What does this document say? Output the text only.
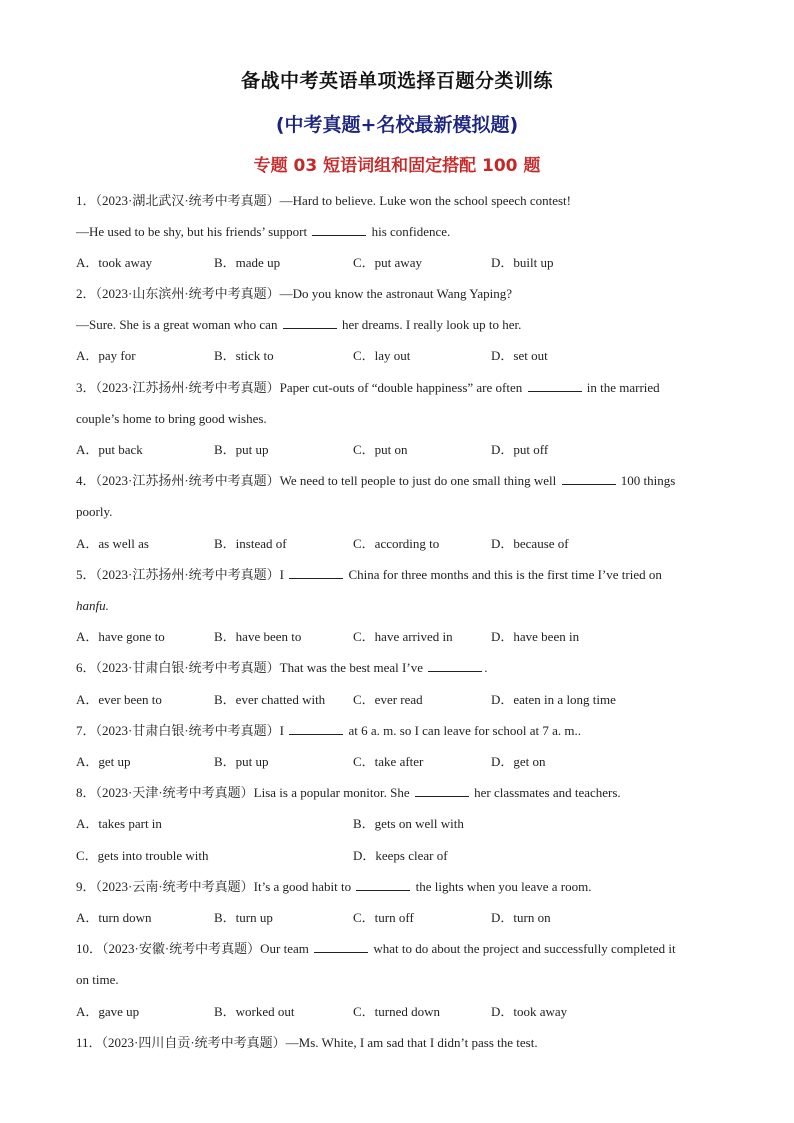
备战中考英语单项选择百题分类训练
(中考真题+名校最新模拟题)
专题 03 短语词组和固定搭配 100 题
1．（2023·湖北武汉·统考中考真题）—Hard to believe. Luke won the school speech contest!
—He used to be shy, but his friends’ support	his confidence.
A．took away	B．made up	C．put away	D．built up
2．（2023·山东滨州·统考中考真题）—Do you know the astronaut Wang Yaping?
—Sure. She is a great woman who can	her dreams. I really look up to her.
A．pay for	B．stick to	C．lay out	D．set out
3．（2023·江苏扬州·统考中考真题）Paper cut-outs of “double happiness” are often	in the married
couple’s home to bring good wishes.
A．put back	B．put up	C．put on	D．put off
4．（2023·江苏扬州·统考中考真题）We need to tell people to just do one small thing well	100 things
poorly.
A．as well as	B．instead of	C．according to	D．because of
5．（2023·江苏扬州·统考中考真题）I	China for three months and this is the first time I’ve tried on
hanfu.
A．have gone to	B．have been to	C．have arrived in	D．have been in
6．（2023·甘肃白银·统考中考真题）That was the best meal I’ve	.
A．ever been to	B．ever chatted with C．ever read	D．eaten in a long time
7．（2023·甘肃白银·统考中考真题）I	at 6 a. m. so I can leave for school at 7 a. m..
A．get up	B．put up	C．take after	D．get on
8．（2023·天津·统考中考真题）Lisa is a popular monitor. She	her classmates and teachers.
A．takes part in	B．gets on well with
C．gets into trouble with	D．keeps clear of
9．（2023·云南·统考中考真题）It’s a good habit to	the lights when you leave a room.
A．turn down	B．turn up	C．turn off	D．turn on
10．（2023·安徽·统考中考真题）Our team	what to do about the project and successfully completed it
on time.
A．gave up	B．worked out	C．turned down	D．took away
11．（2023·四川自贡·统考中考真题）—Ms. White, I am sad that I didn’t pass the test.
